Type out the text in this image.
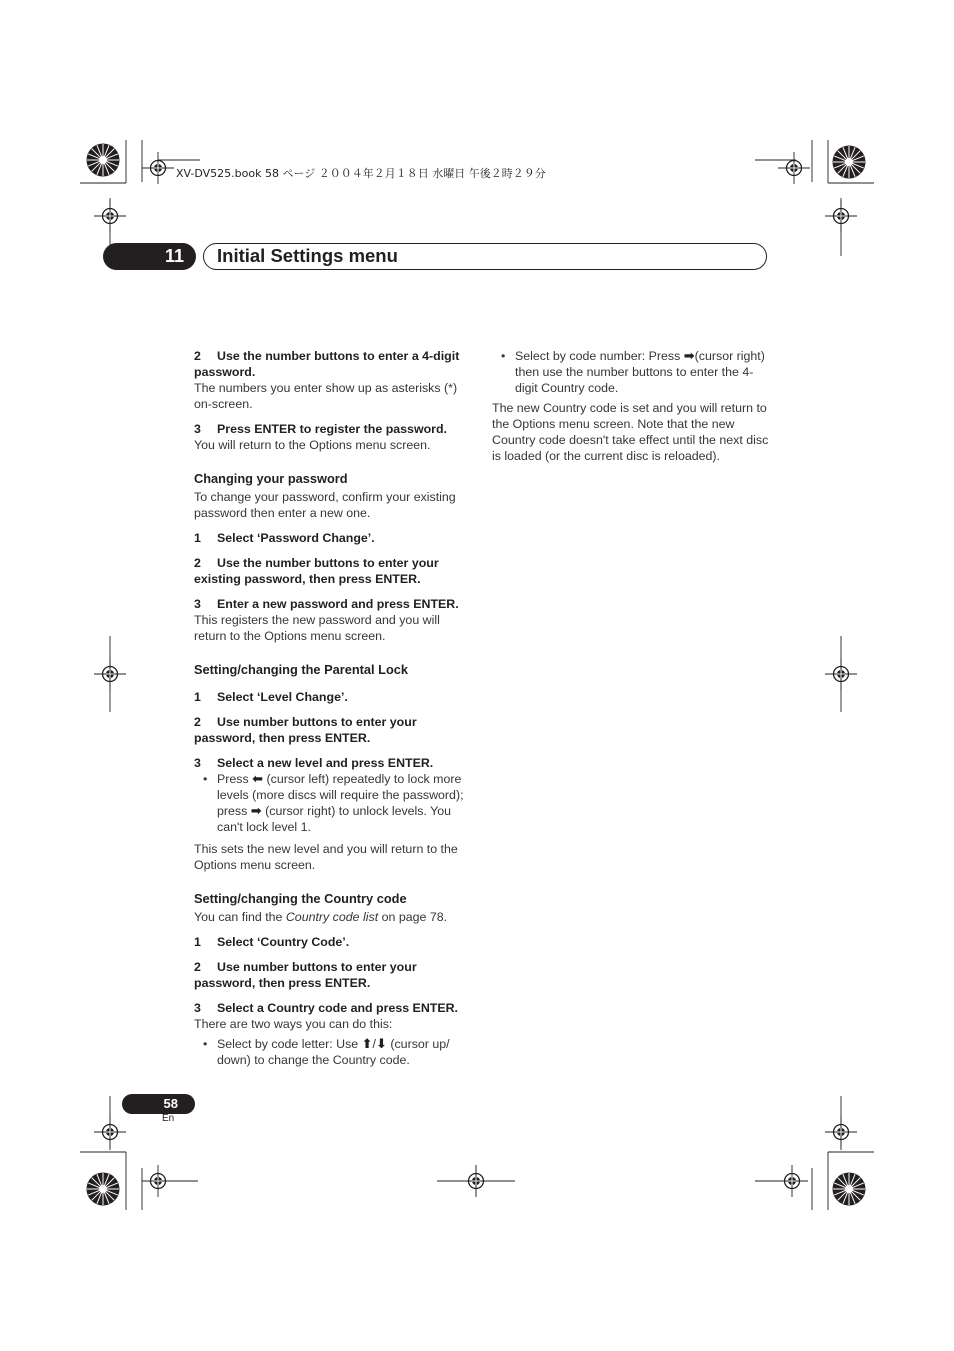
XV-DV525.book 58 ページ ２００４年２月１８日 水曜日 午後２時２９分
11	Initial Settings menu

2 Use the number buttons to enter a 4-digit password.

The numbers you enter show up as asterisks (*) on-screen.

3 Press ENTER to register the password.

You will return to the Options menu screen.

Changing your password

To change your password, confirm your existing password then enter a new one.

1 Select ‘Password Change’.

2 Use the number buttons to enter your existing password, then press ENTER.

3 Enter a new password and press ENTER.

This registers the new password and you will return to the Options menu screen.

Setting/changing the Parental Lock

1 Select ‘Level Change’.

2 Use number buttons to enter your password, then press ENTER.

3 Select a new level and press ENTER.

• Press ⬅ (cursor left) repeatedly to lock more levels (more discs will require the password); press ➡ (cursor right) to unlock levels. You can't lock level 1.

This sets the new level and you will return to the Options menu screen.

Setting/changing the Country code

You can find the Country code list on page 78.

1 Select ‘Country Code’.

2 Use number buttons to enter your password, then press ENTER.

3 Select a Country code and press ENTER.

There are two ways you can do this:

• Select by code letter: Use ⬆/⬇ (cursor up/ down) to change the Country code.
• Select by code number: Press ➡(cursor right) then use the number buttons to enter the 4-digit Country code.

The new Country code is set and you will return to the Options menu screen. Note that the new Country code doesn't take effect until the next disc is loaded (or the current disc is reloaded).

58
En
